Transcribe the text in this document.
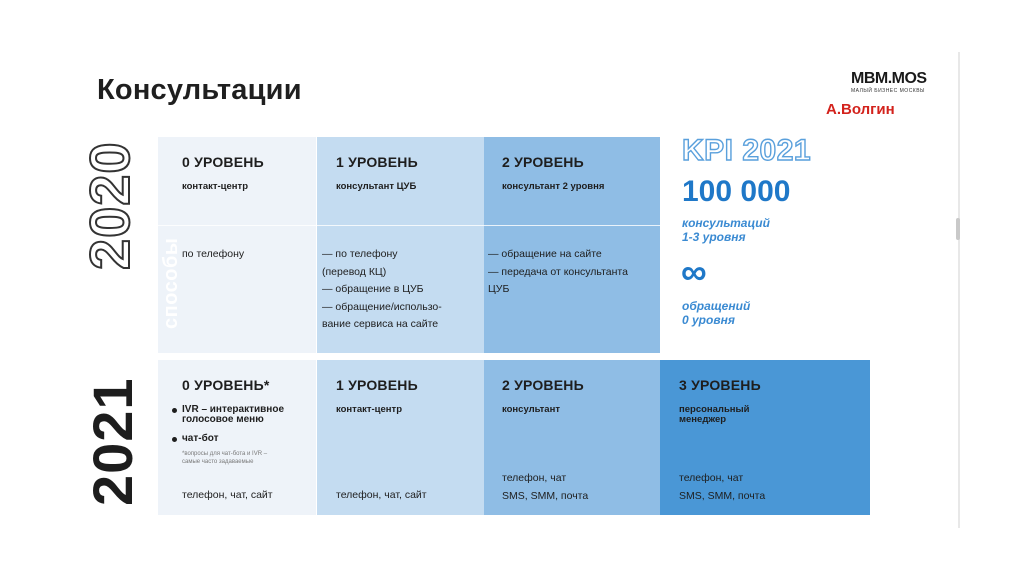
Консультации	MBM.MOS
МАЛЫЙ БИЗНЕС МОСКВЫ
А.Волгин
2020
2021
способы
0 УРОВЕНЬ
контакт-центр
по телефону
1 УРОВЕНЬ
консультант ЦУБ
— по телефону
(перевод КЦ)
— обращение в ЦУБ
— обращение/использо-
вание сервиса на сайте
2 УРОВЕНЬ
консультант 2 уровня
— обращение на сайте
— передача от консультанта
ЦУБ
0 УРОВЕНЬ*
IVR – интерактивное голосовое меню
чат-бот
*вопросы для чат-бота и IVR –
самые часто задаваемые
телефон, чат, сайт
1 УРОВЕНЬ
контакт-центр
телефон, чат, сайт
2 УРОВЕНЬ
консультант
телефон, чат
SMS, SMM, почта
3 УРОВЕНЬ
персональный
менеджер
телефон, чат
SMS, SMM, почта
KPI 2021
100 000
консультаций
1-3 уровня
∞
обращений
0 уровня
